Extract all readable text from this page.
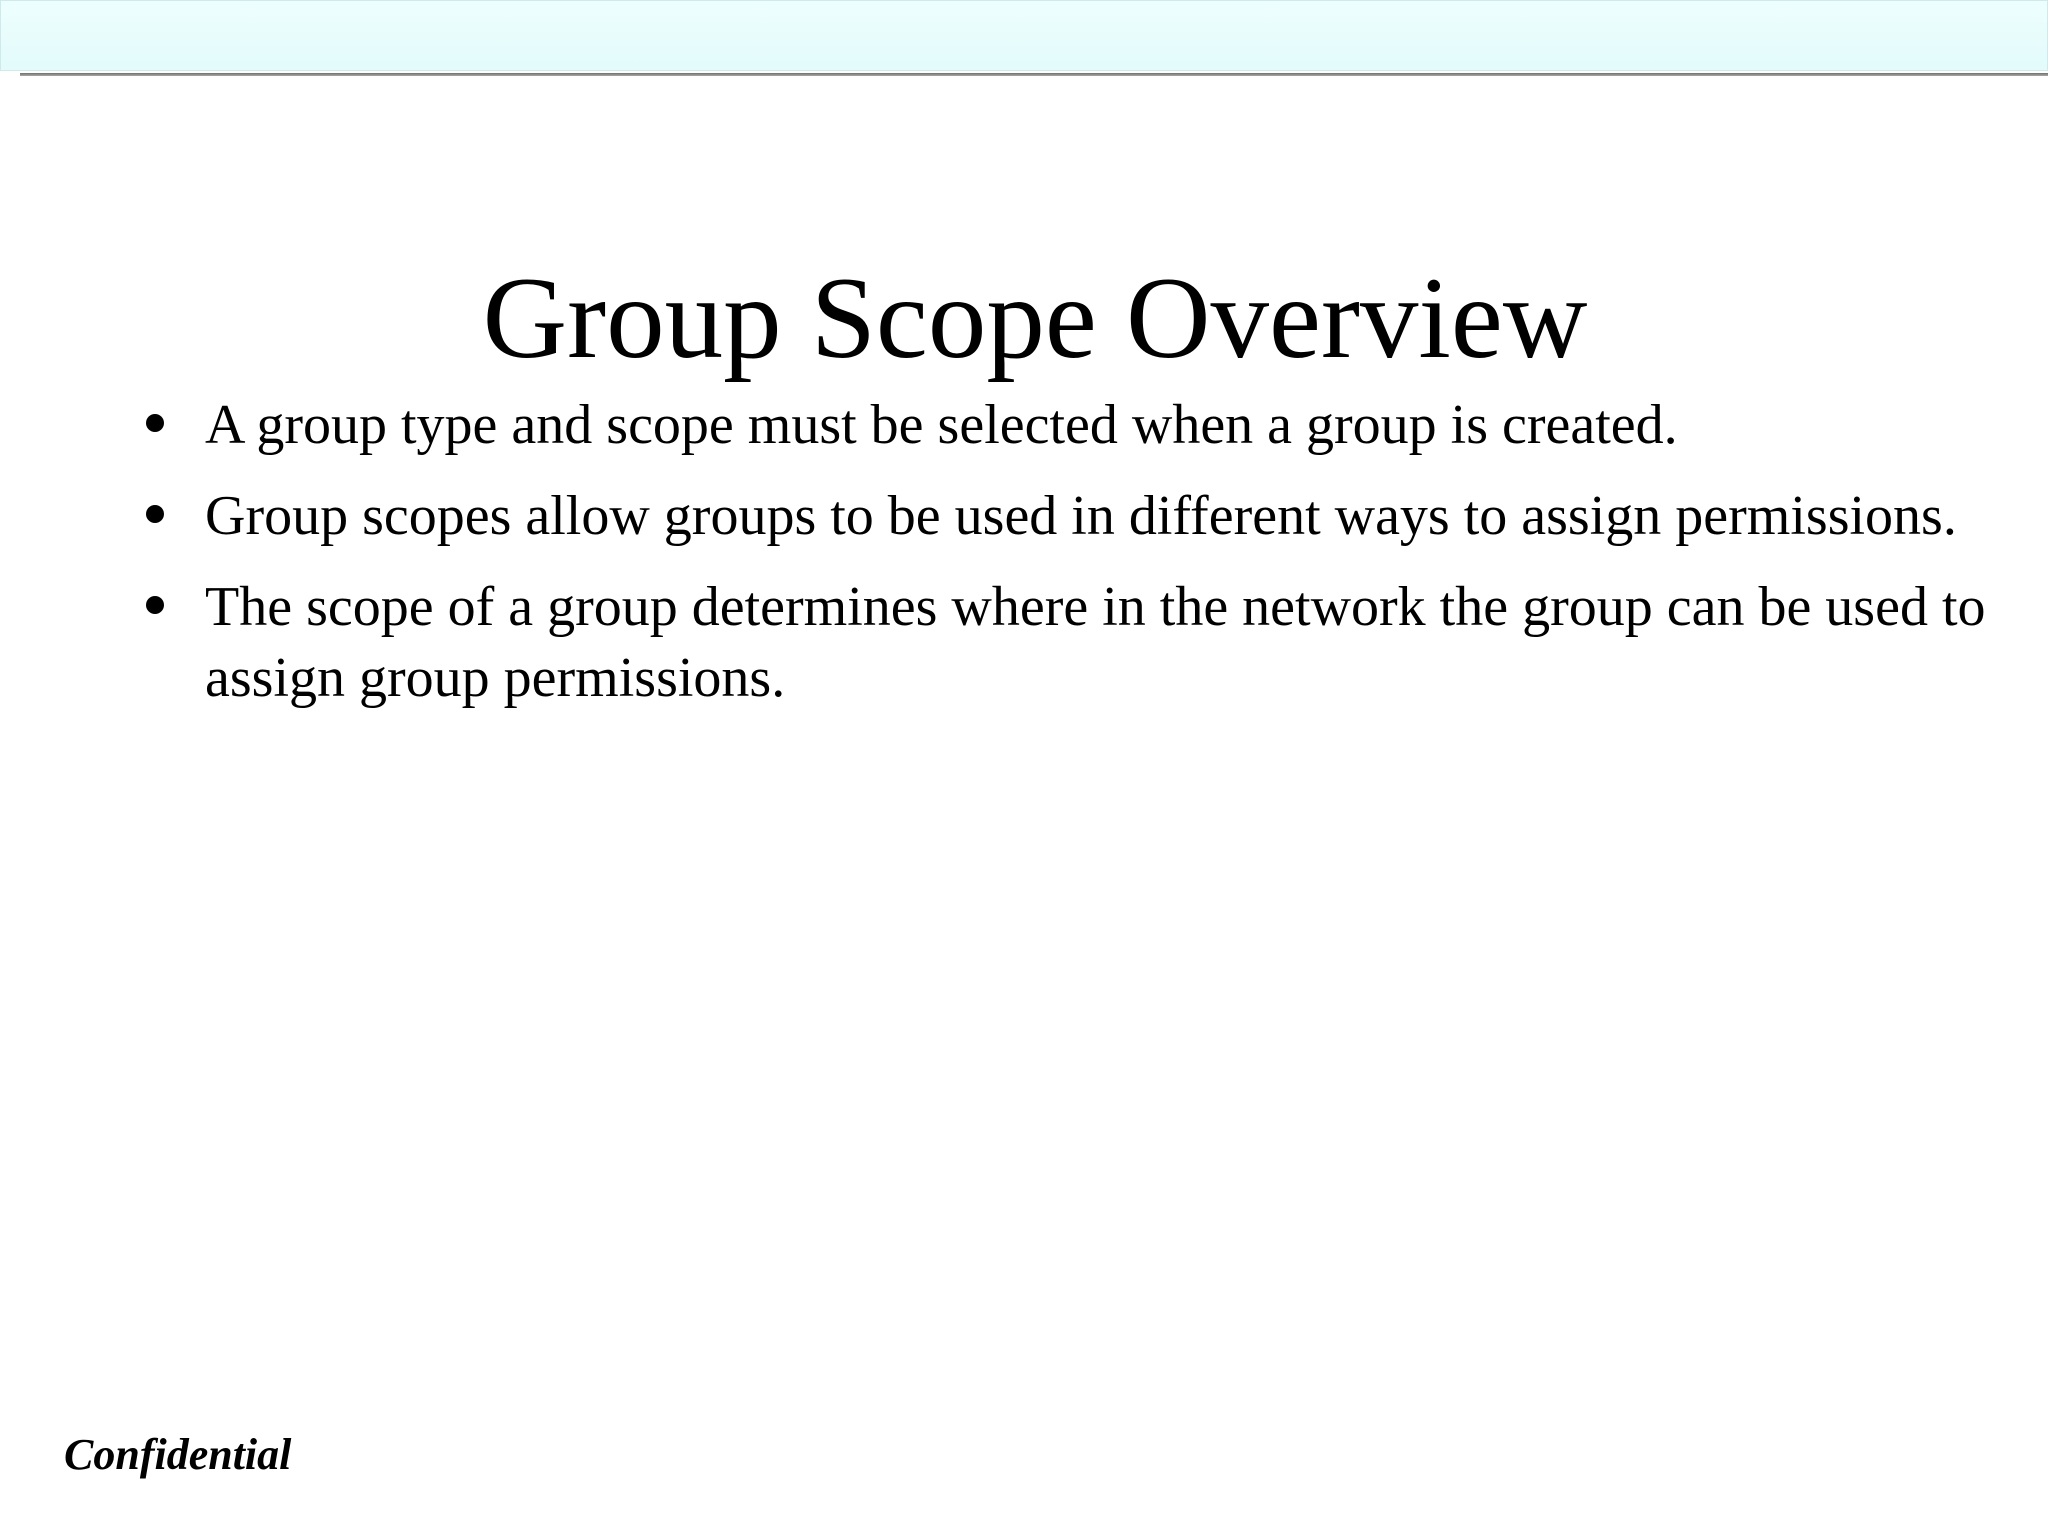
Group Scope Overview
A group type and scope must be selected when a group is created.
Group scopes allow groups to be used in different ways to assign permissions.
The scope of a group determines where in the network the group can be used to assign group permissions.
Confidential
